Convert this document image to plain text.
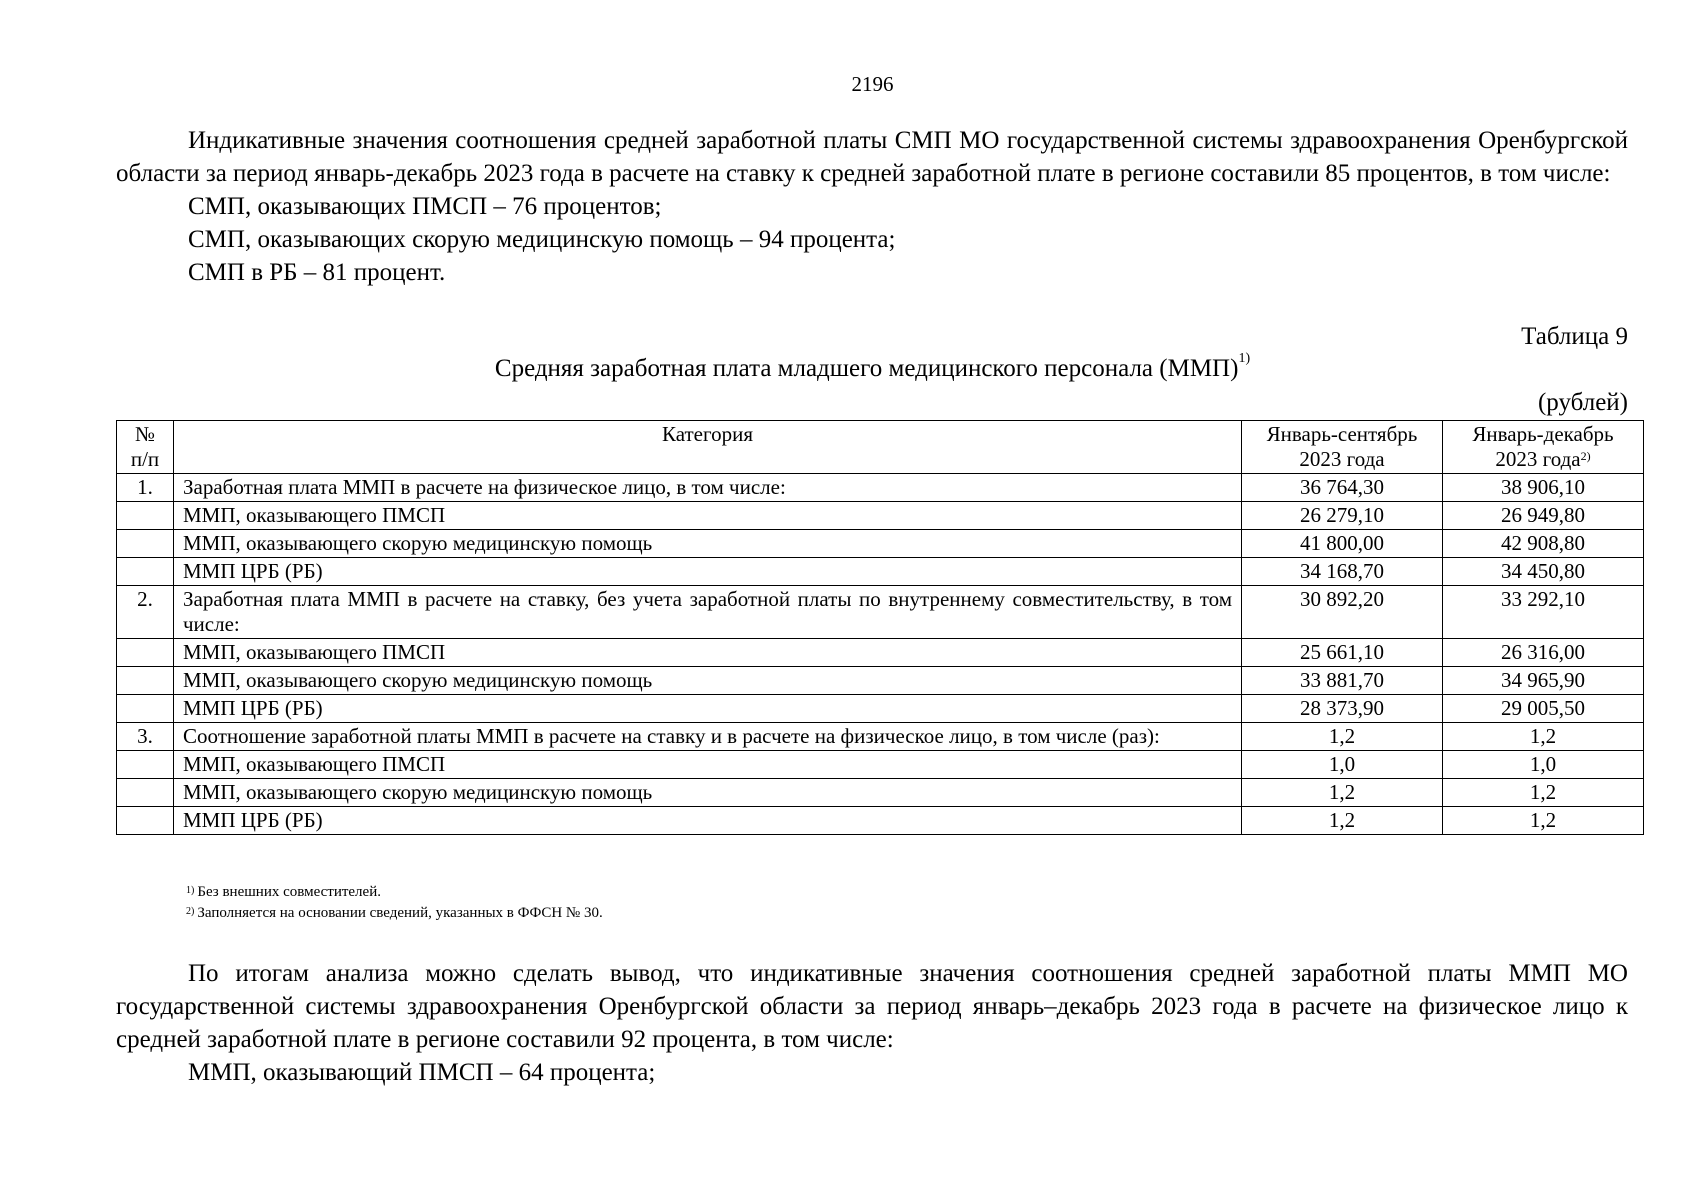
2196

Индикативные значения соотношения средней заработной платы СМП МО государственной системы здравоохранения Оренбургской области за период январь-декабрь 2023 года в расчете на ставку к средней заработной плате в регионе составили 85 процентов, в том числе:

СМП, оказывающих ПМСП – 76 процентов;

СМП, оказывающих скорую медицинскую помощь – 94 процента;

СМП в РБ – 81 процент.

Таблица 9
Средняя заработная плата младшего медицинского персонала (ММП)$^{1)}$
(рублей)
№ п/п	Категория	Январь-сентябрь 2023 года	Январь-декабрь 2023 года$^{2)}$
1.	Заработная плата ММП в расчете на физическое лицо, в том числе:	36 764,30	38 906,10
	ММП, оказывающего ПМСП	26 279,10	26 949,80
	ММП, оказывающего скорую медицинскую помощь	41 800,00	42 908,80
	ММП ЦРБ (РБ)	34 168,70	34 450,80
2.	Заработная плата ММП в расчете на ставку, без учета заработной платы по внутреннему совместительству, в том числе:	30 892,20	33 292,10
	ММП, оказывающего ПМСП	25 661,10	26 316,00
	ММП, оказывающего скорую медицинскую помощь	33 881,70	34 965,90
	ММП ЦРБ (РБ)	28 373,90	29 005,50
3.	Соотношение заработной платы ММП в расчете на ставку и в расчете на физическое лицо, в том числе (раз):	1,2	1,2
	ММП, оказывающего ПМСП	1,0	1,0
	ММП, оказывающего скорую медицинскую помощь	1,2	1,2
	ММП ЦРБ (РБ)	1,2	1,2
$^{1)}$ Без внешних совместителей.
$^{2)}$ Заполняется на основании сведений, указанных в ФФСН № 30.

По итогам анализа можно сделать вывод, что индикативные значения соотношения средней заработной платы ММП МО государственной системы здравоохранения Оренбургской области за период январь–декабрь 2023 года в расчете на физическое лицо к средней заработной плате в регионе составили 92 процента, в том числе:

ММП, оказывающий ПМСП – 64 процента;
